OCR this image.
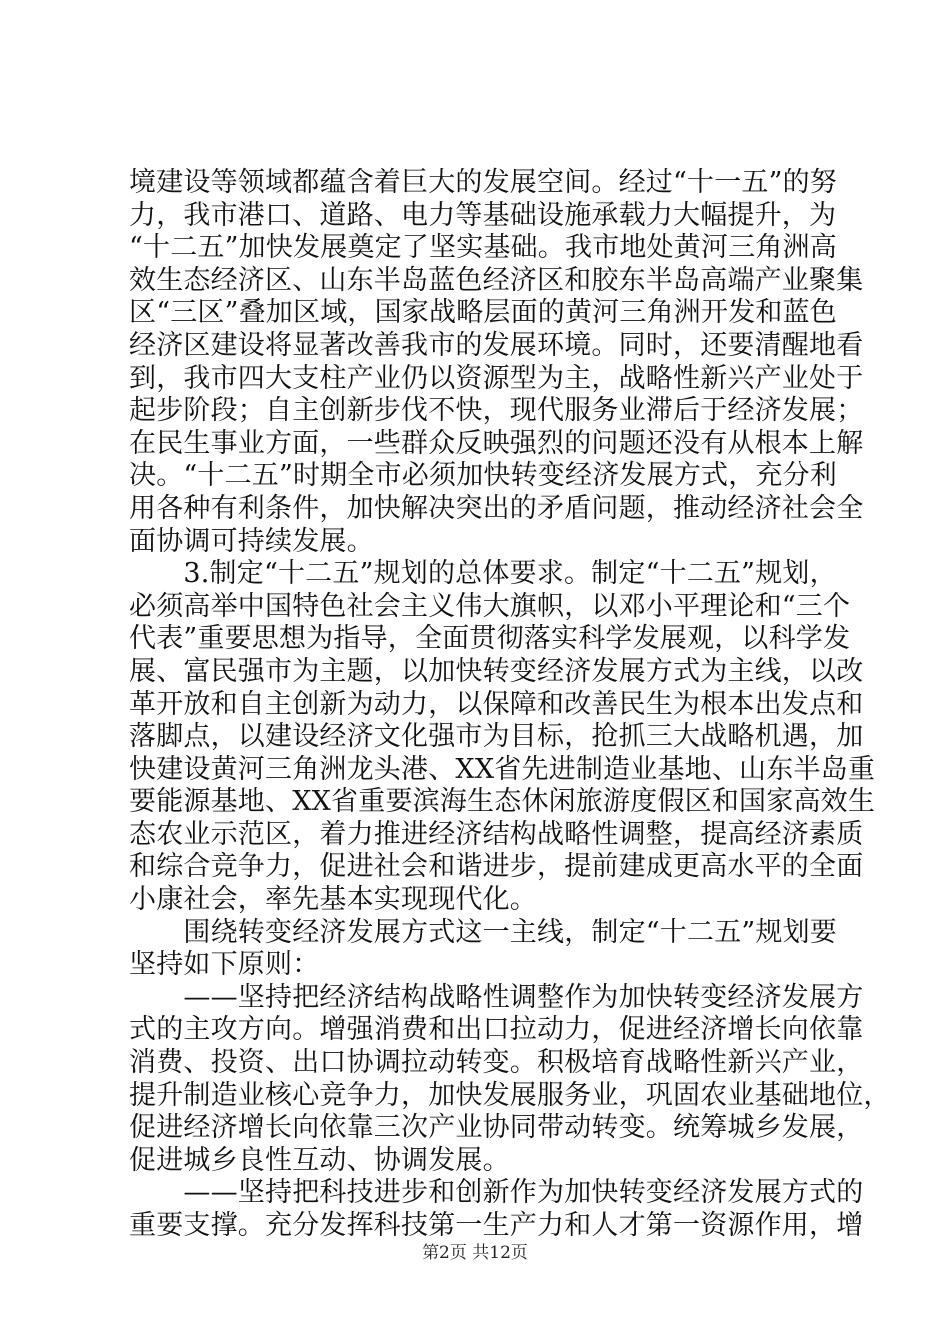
境建设等领域都蕴含着巨大的发展空间。经过“十一五”的努
力，我市港口、道路、电力等基础设施承载力大幅提升，为
“十二五”加快发展奠定了坚实基础。我市地处黄河三角洲高
效生态经济区、山东半岛蓝色经济区和胶东半岛高端产业聚集
区“三区”叠加区域，国家战略层面的黄河三角洲开发和蓝色
经济区建设将显著改善我市的发展环境。同时，还要清醒地看
到，我市四大支柱产业仍以资源型为主，战略性新兴产业处于
起步阶段；自主创新步伐不快，现代服务业滞后于经济发展；
在民生事业方面，一些群众反映强烈的问题还没有从根本上解
决。“十二五”时期全市必须加快转变经济发展方式，充分利
用各种有利条件，加快解决突出的矛盾问题，推动经济社会全
面协调可持续发展。
　　3.制定“十二五”规划的总体要求。制定“十二五”规划，
必须高举中国特色社会主义伟大旗帜，以邓小平理论和“三个
代表”重要思想为指导，全面贯彻落实科学发展观，以科学发
展、富民强市为主题，以加快转变经济发展方式为主线，以改
革开放和自主创新为动力，以保障和改善民生为根本出发点和
落脚点，以建设经济文化强市为目标，抢抓三大战略机遇，加
快建设黄河三角洲龙头港、XX省先进制造业基地、山东半岛重
要能源基地、XX省重要滨海生态休闲旅游度假区和国家高效生
态农业示范区，着力推进经济结构战略性调整，提高经济素质
和综合竞争力，促进社会和谐进步，提前建成更高水平的全面
小康社会，率先基本实现现代化。
　　围绕转变经济发展方式这一主线，制定“十二五”规划要
坚持如下原则：
　　——坚持把经济结构战略性调整作为加快转变经济发展方
式的主攻方向。增强消费和出口拉动力，促进经济增长向依靠
消费、投资、出口协调拉动转变。积极培育战略性新兴产业，
提升制造业核心竞争力，加快发展服务业，巩固农业基础地位，
促进经济增长向依靠三次产业协同带动转变。统筹城乡发展，
促进城乡良性互动、协调发展。
　　——坚持把科技进步和创新作为加快转变经济发展方式的
重要支撑。充分发挥科技第一生产力和人才第一资源作用，增
第2页 共12页
